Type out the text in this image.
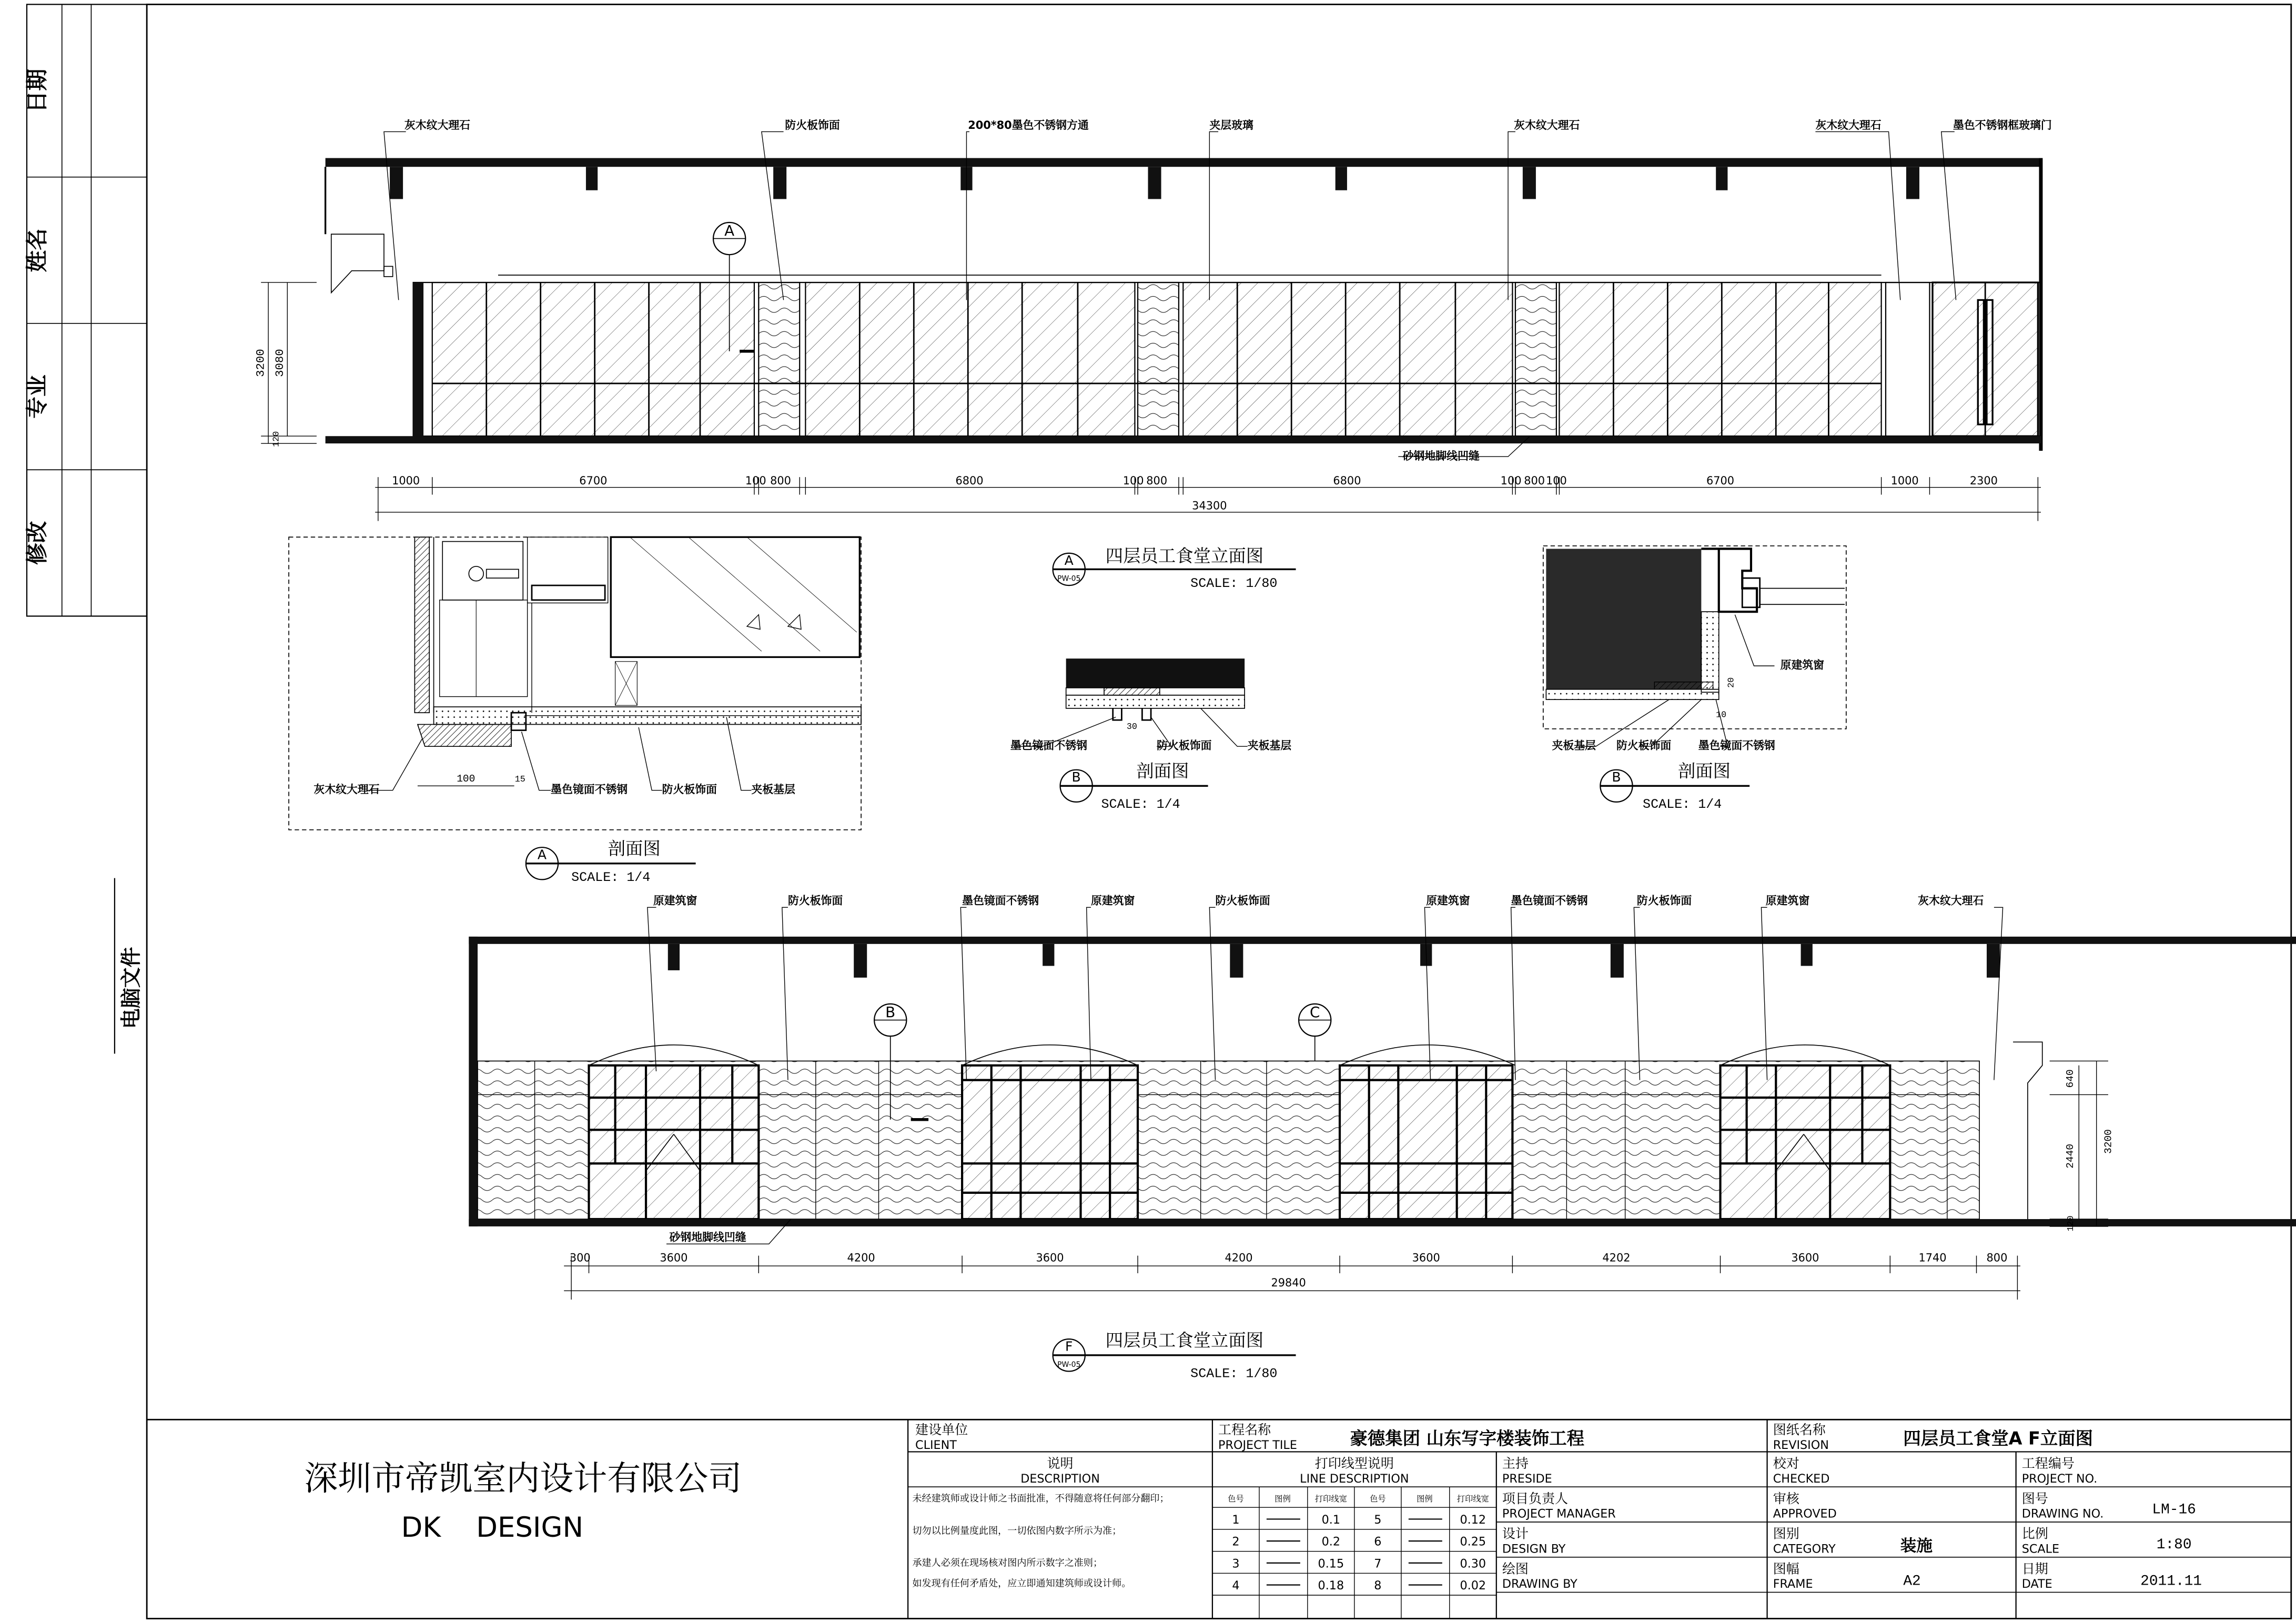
日期
姓名
专业
修改
电脑文件
3200 3080
120
A
灰木纹大理石	防火板饰面	200*80墨色不锈钢方通	夹层玻璃	灰木纹大理石	灰木纹大理石	墨色不锈钢框玻璃门
砂钢地脚线凹缝
1000	6700	100 800	6800	100 800	6800	100 800 100	6700	1000	2300
34300
A
PW-05
四层员工食堂立面图
SCALE: 1/80
100	15
灰木纹大理石	墨色镜面不锈钢	防火板饰面	夹板基层
A	剖面图
SCALE: 1/4
30
墨色镜面不锈钢	防火板饰面	夹板基层
B	剖面图
SCALE: 1/4
20
10
原建筑窗
夹板基层	防火板饰面	墨色镜面不锈钢
B	剖面图
SCALE: 1/4
640
2440
3200
120
B	C
原建筑窗	防火板饰面	墨色镜面不锈钢	原建筑窗	防火板饰面	原建筑窗	墨色镜面不锈钢	防火板饰面	原建筑窗	灰木纹大理石
砂钢地脚线凹缝
300	3600	4200	3600	4200	3600	4202	3600	1740	800
29840
F
PW-05
四层员工食堂立面图
SCALE: 1/80
深圳市帝凯室内设计有限公司
DK    DESIGN
建设单位
CLIENT
工程名称
PROJECT TILE	豪德集团 山东写字楼装饰工程	图纸名称
REVISION	四层员工食堂A F立面图
说明
DESCRIPTION
未经建筑师或设计师之书面批准，不得随意将任何部分翻印；
切勿以比例量度此图，一切依图内数字所示为准；
承建人必须在现场核对图内所示数字之准则；
如发现有任何矛盾处，应立即通知建筑师或设计师。
打印线型说明
LINE DESCRIPTION
色号	图例	打印线宽	色号	图例	打印线宽
1	0.1	5	0.12
2	0.2	6	0.25
3	0.15	7	0.30
4	0.18	8	0.02
主持
PRESIDE
项目负责人
PROJECT MANAGER
设计
DESIGN BY
绘图
DRAWING BY
校对
CHECKED
审核
APPROVED
图别
CATEGORY	装施
图幅
FRAME	A2
工程编号
PROJECT NO.
图号
DRAWING NO.	LM-16
比例
SCALE	1:80
日期
DATE	2011.11
